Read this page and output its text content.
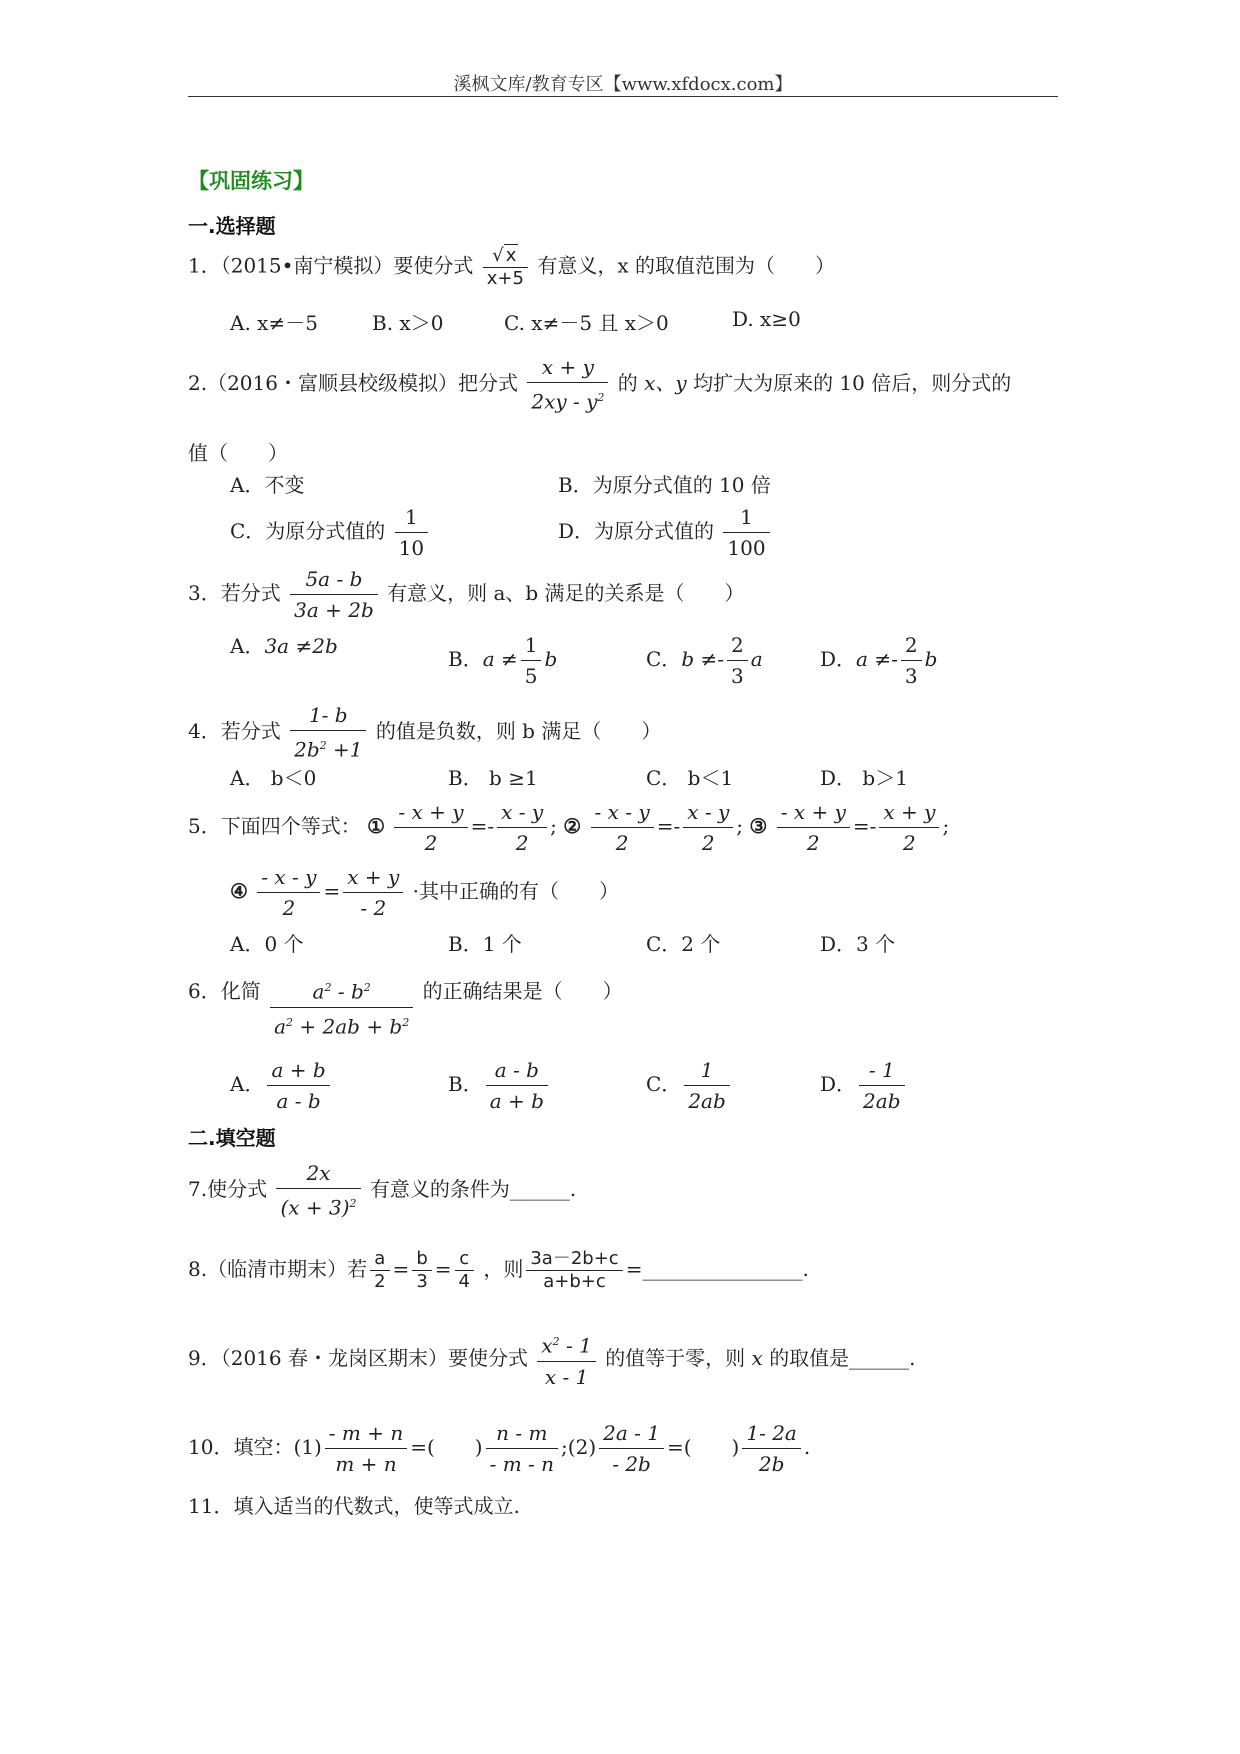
溪枫文库/教育专区【www.xfdocx.com】
【巩固练习】
一.选择题
1．（2015•南宁模拟）要使分式 $\frac{√ x}{x+5}$ 有意义，x 的取值范围为（　　）
A. x≠－5	B. x＞0	C. x≠－5 且 x＞0	D. x≥0
2.（2016・富顺县校级模拟）把分式 $\frac{x + y}{2xy - y^2}$ 的 x、y 均扩大为原来的 10 倍后，则分式的
值（　　）
A．不变	B．为原分式值的 10 倍
C．为原分式值的 $\frac{1}{10}$	D．为原分式值的 $\frac{1}{100}$
3．若分式 $\frac{5a - b}{3a + 2b}$ 有意义，则 a、b 满足的关系是（　　）
A．3a ≠2b
B．$a \ne \frac{1}{5}$ b	C．$b \ne- \frac{2}{3}$ a	D．$a \ne- \frac{2}{3}$ b
4．若分式 $\frac{1- b}{2b^2 +1}$ 的值是负数，则 b 满足（　　）
A． b＜0	B． b ≥1	C． b＜1	D． b＞1
5．下面四个等式： ① $\frac{- x + y}{2} =- \frac{x - y}{2}$ ; ② $\frac{- x - y}{2} =- \frac{x - y}{2}$ ; ③ $\frac{- x + y}{2} =- \frac{x + y}{2}$ ;
④ $\frac{- x - y}{2} = \frac{x + y}{- 2}$ ·其中正确的有（　　）
A．0 个	B．1 个	C．2 个	D．3 个
6．化简 $\frac{a^2 - b^2}{a^2 + 2ab + b^2}$ 的正确结果是（　　）
A． $\frac{a + b}{a - b}$	B． $\frac{a - b}{a + b}$	C． $\frac{1}{2ab}$	D． $\frac{- 1}{2ab}$
二.填空题
7.使分式 $\frac{2x}{(x + 3)^2}$ 有意义的条件为______.
8.（临清市期末）若 $\frac{a}{2} = \frac{b}{3} = \frac{c}{4}$ ，则 $\frac{3a-2b+c}{a+b+c}$ =________________.
9．（2016 春・龙岗区期末）要使分式 $\frac{x^2 - 1}{x - 1}$ 的值等于零，则 x 的取值是______.
10．填空：$(1) \frac{- m + n}{m + n}$ =(　　) $\frac{n - m}{- m - n}$ ;(2) $\frac{2a - 1}{- 2b}$ =(　　) $\frac{1- 2a}{2b}$ .
11．填入适当的代数式，使等式成立.
